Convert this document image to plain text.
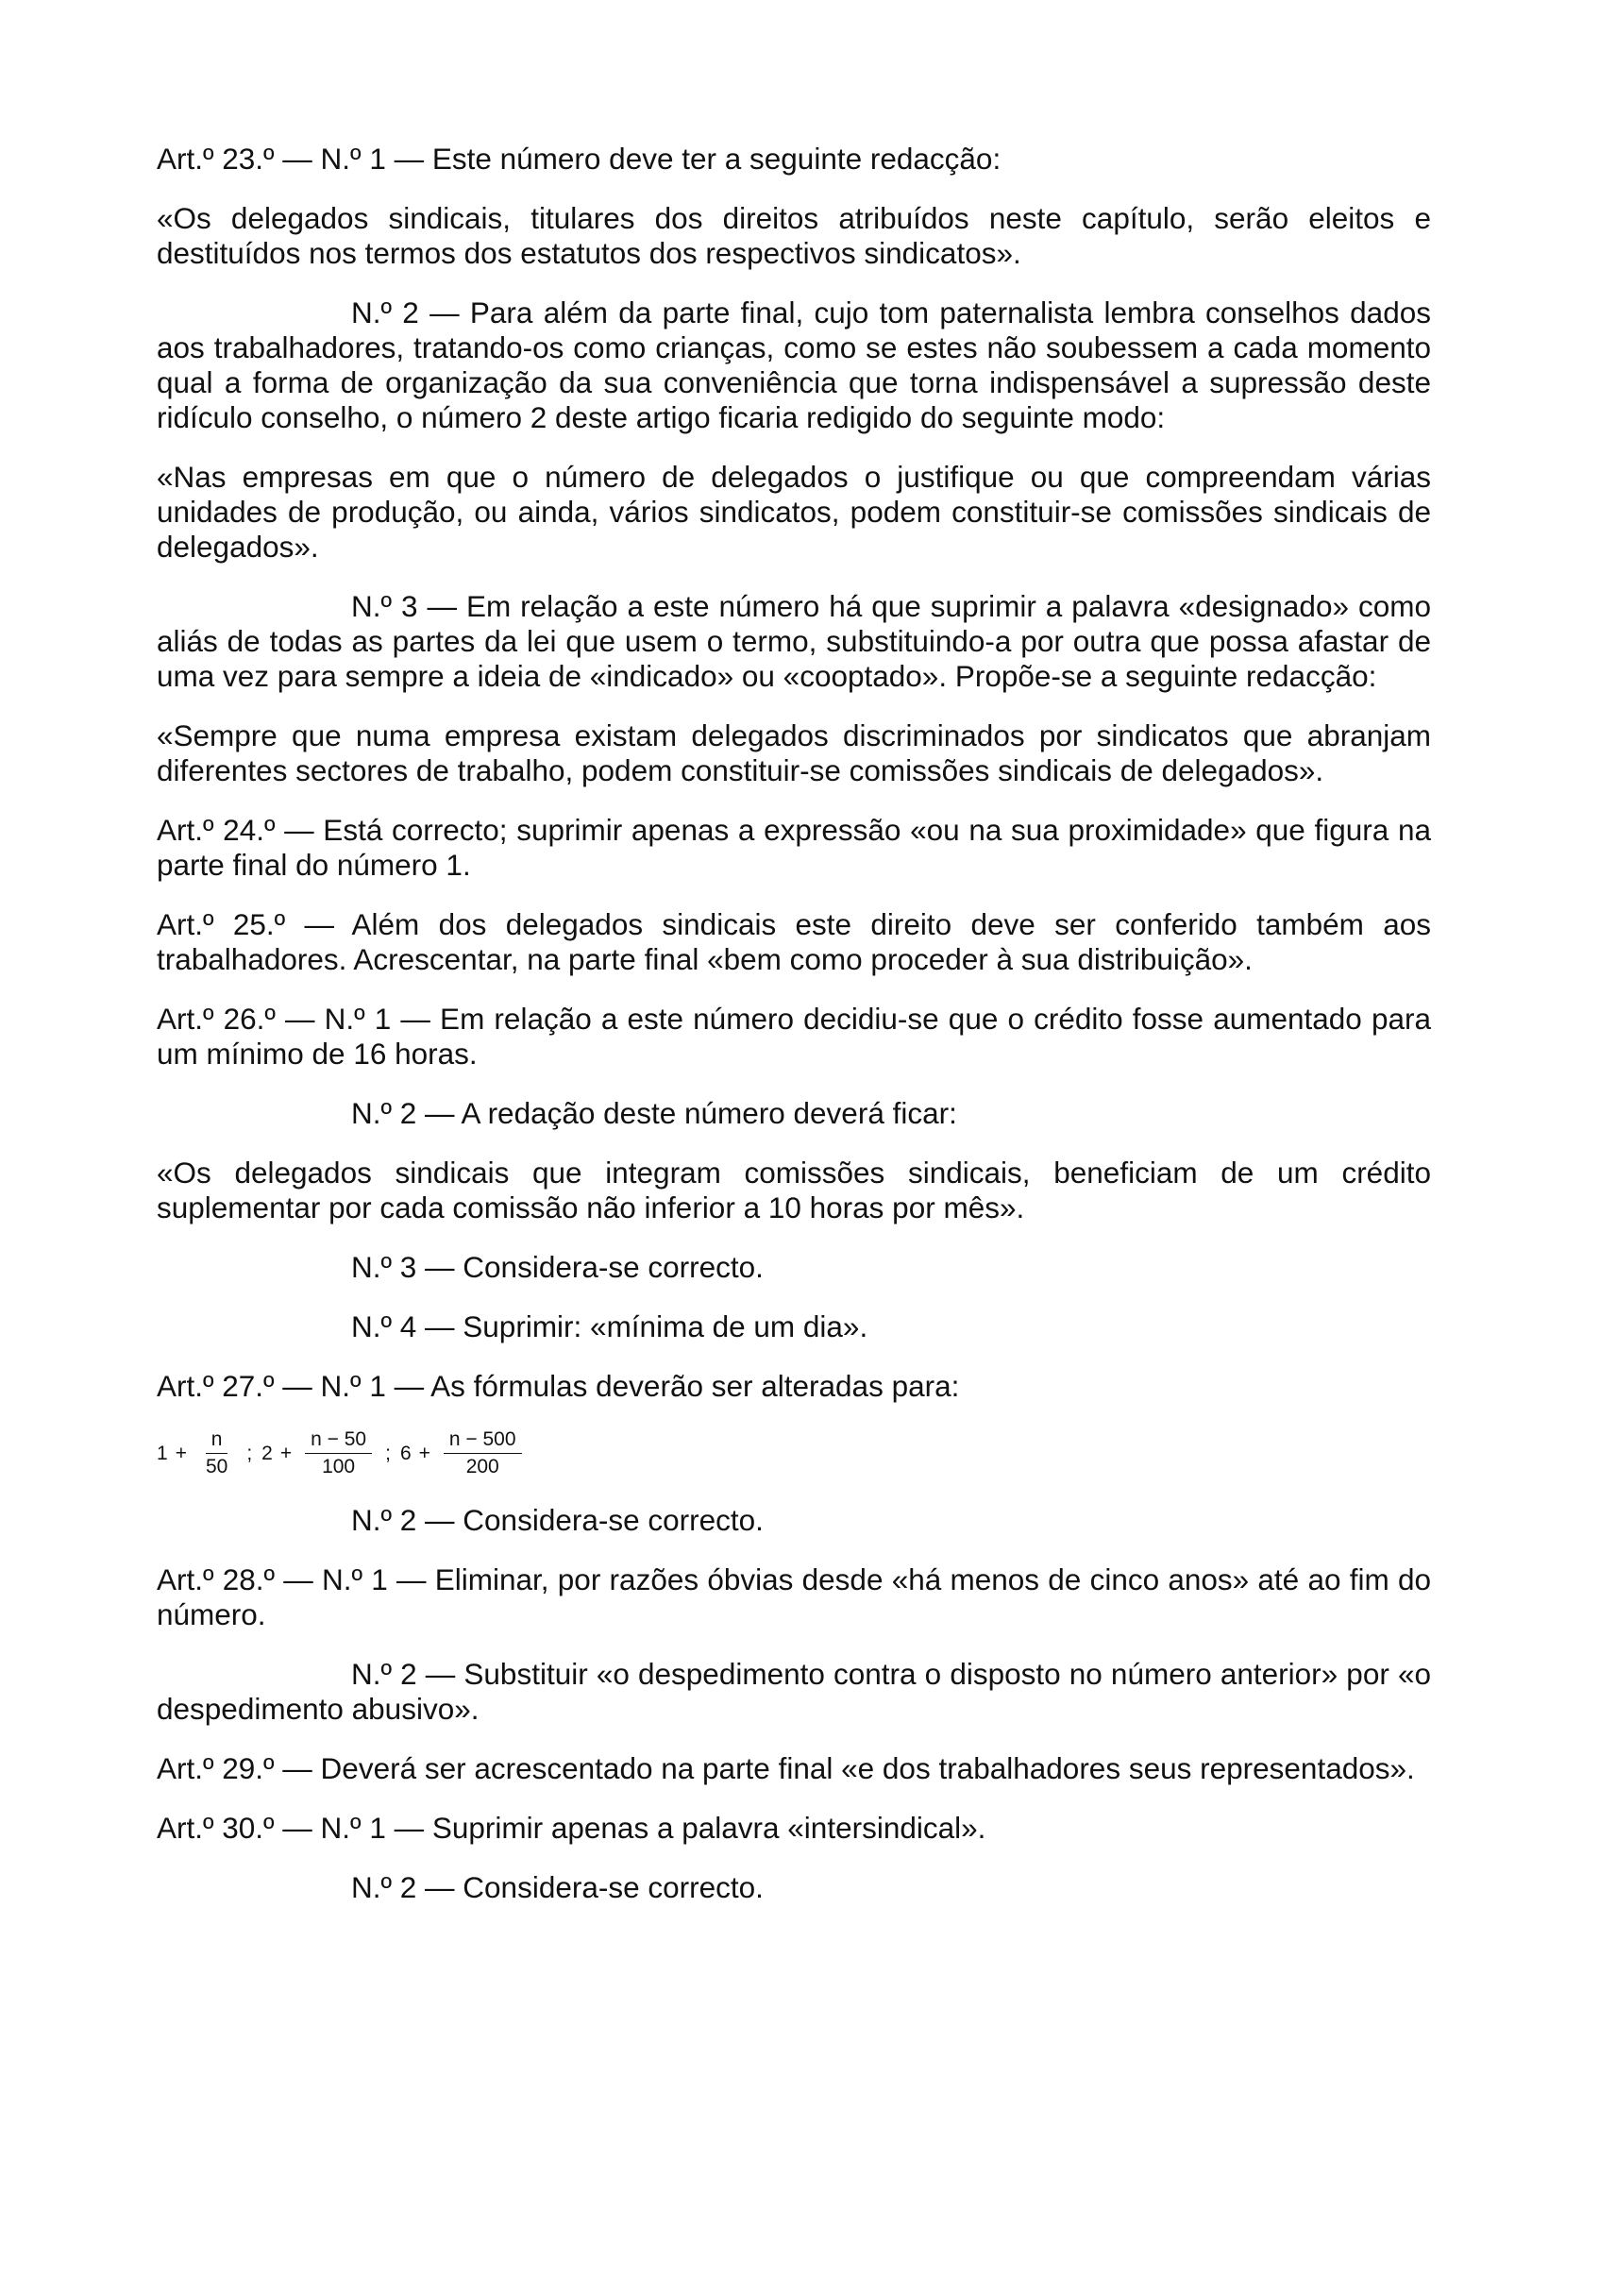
Art.º 23.º — N.º 1 — Este número deve ter a seguinte redacção:

«Os delegados sindicais, titulares dos direitos atribuídos neste capítulo, serão eleitos e destituídos nos termos dos estatutos dos respectivos sindicatos».

N.º 2 — Para além da parte final, cujo tom paternalista lembra conselhos dados aos trabalhadores, tratando-os como crianças, como se estes não soubessem a cada momento qual a forma de organização da sua conveniência que torna indispensável a supressão deste ridículo conselho, o número 2 deste artigo ficaria redigido do seguinte modo:

«Nas empresas em que o número de delegados o justifique ou que compreendam várias unidades de produção, ou ainda, vários sindicatos, podem constituir-se comissões sindicais de delegados».

N.º 3 — Em relação a este número há que suprimir a palavra «designado» como aliás de todas as partes da lei que usem o termo, substituindo-a por outra que possa afastar de uma vez para sempre a ideia de «indicado» ou «cooptado». Propõe-se a seguinte redacção:

«Sempre que numa empresa existam delegados discriminados por sindicatos que abranjam diferentes sectores de trabalho, podem constituir-se comissões sindicais de delegados».

Art.º 24.º — Está correcto; suprimir apenas a expressão «ou na sua proximidade» que figura na parte final do número 1.

Art.º 25.º — Além dos delegados sindicais este direito deve ser conferido também aos trabalhadores. Acrescentar, na parte final «bem como proceder à sua distribuição».

Art.º 26.º — N.º 1 — Em relação a este número decidiu-se que o crédito fosse aumentado para um mínimo de 16 horas.

N.º 2 — A redação deste número deverá ficar:

«Os delegados sindicais que integram comissões sindicais, beneficiam de um crédito suplementar por cada comissão não inferior a 10 horas por mês».

N.º 3 — Considera-se correcto.

N.º 4 — Suprimir: «mínima de um dia».

Art.º 27.º — N.º 1 — As fórmulas deverão ser alteradas para:

$1 + \frac{n}{50}$ ; $2 + \frac{n - 50}{100}$ ; $6 + \frac{n - 500}{200}$

N.º 2 — Considera-se correcto.

Art.º 28.º — N.º 1 — Eliminar, por razões óbvias desde «há menos de cinco anos» até ao fim do número.

N.º 2 — Substituir «o despedimento contra o disposto no número anterior» por «o despedimento abusivo».

Art.º 29.º — Deverá ser acrescentado na parte final «e dos trabalhadores seus representados».

Art.º 30.º — N.º 1 — Suprimir apenas a palavra «intersindical».

N.º 2 — Considera-se correcto.
